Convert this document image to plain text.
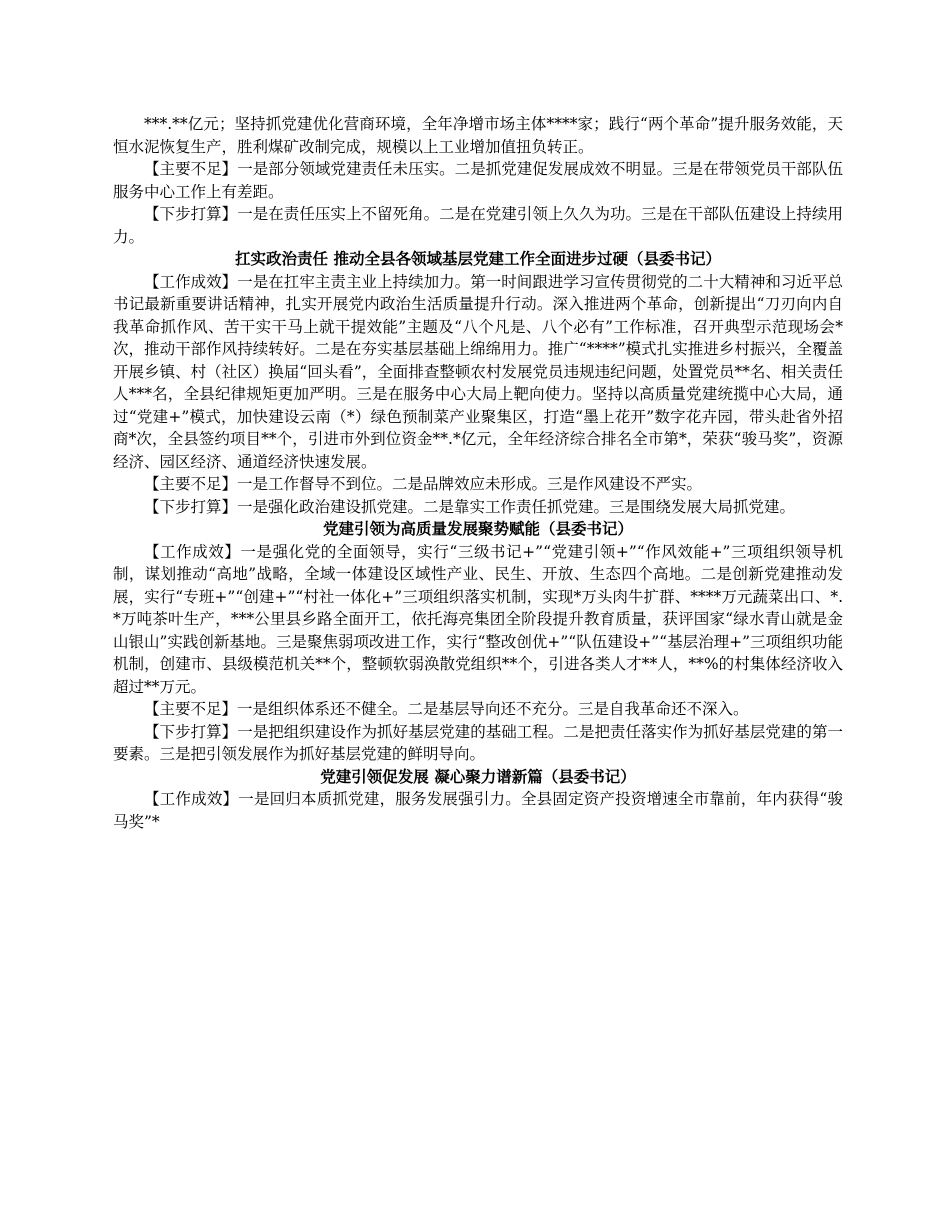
***.**亿元；坚持抓党建优化营商环境，全年净增市场主体****家；践行“两个革命”提升服务效能，天恒水泥恢复生产，胜利煤矿改制完成，规模以上工业增加值扭负转正。

【主要不足】一是部分领域党建责任未压实。二是抓党建促发展成效不明显。三是在带领党员干部队伍服务中心工作上有差距。

【下步打算】一是在责任压实上不留死角。二是在党建引领上久久为功。三是在干部队伍建设上持续用力。

扛实政治责任 推动全县各领域基层党建工作全面进步过硬（县委书记）

【工作成效】一是在扛牢主责主业上持续加力。第一时间跟进学习宣传贯彻党的二十大精神和习近平总书记最新重要讲话精神，扎实开展党内政治生活质量提升行动。深入推进两个革命，创新提出“刀刃向内自我革命抓作风、苦干实干马上就干提效能”主题及“八个凡是、八个必有”工作标准，召开典型示范现场会*次，推动干部作风持续转好。二是在夯实基层基础上绵绵用力。推广“****”模式扎实推进乡村振兴，全覆盖开展乡镇、村（社区）换届“回头看”，全面排查整顿农村发展党员违规违纪问题，处置党员**名、相关责任人***名，全县纪律规矩更加严明。三是在服务中心大局上靶向使力。坚持以高质量党建统揽中心大局，通过“党建+”模式，加快建设云南（*）绿色预制菜产业聚集区，打造“墨上花开”数字花卉园，带头赴省外招商*次，全县签约项目**个，引进市外到位资金**.*亿元，全年经济综合排名全市第*，荣获“骏马奖”，资源经济、园区经济、通道经济快速发展。

【主要不足】一是工作督导不到位。二是品牌效应未形成。三是作风建设不严实。

【下步打算】一是强化政治建设抓党建。二是靠实工作责任抓党建。三是围绕发展大局抓党建。

党建引领为高质量发展聚势赋能（县委书记）

【工作成效】一是强化党的全面领导，实行“三级书记+”“党建引领+”“作风效能+”三项组织领导机制，谋划推动“高地”战略，全域一体建设区域性产业、民生、开放、生态四个高地。二是创新党建推动发展，实行“专班+”“创建+”“村社一体化+”三项组织落实机制，实现*万头肉牛扩群、****万元蔬菜出口、*.*万吨茶叶生产，***公里县乡路全面开工，依托海亮集团全阶段提升教育质量，获评国家“绿水青山就是金山银山”实践创新基地。三是聚焦弱项改进工作，实行“整改创优+”“队伍建设+”“基层治理+”三项组织功能机制，创建市、县级模范机关**个，整顿软弱涣散党组织**个，引进各类人才**人，**%的村集体经济收入超过**万元。

【主要不足】一是组织体系还不健全。二是基层导向还不充分。三是自我革命还不深入。

【下步打算】一是把组织建设作为抓好基层党建的基础工程。二是把责任落实作为抓好基层党建的第一要素。三是把引领发展作为抓好基层党建的鲜明导向。

党建引领促发展 凝心聚力谱新篇（县委书记）

【工作成效】一是回归本质抓党建，服务发展强引力。全县固定资产投资增速全市靠前，年内获得“骏马奖”*
